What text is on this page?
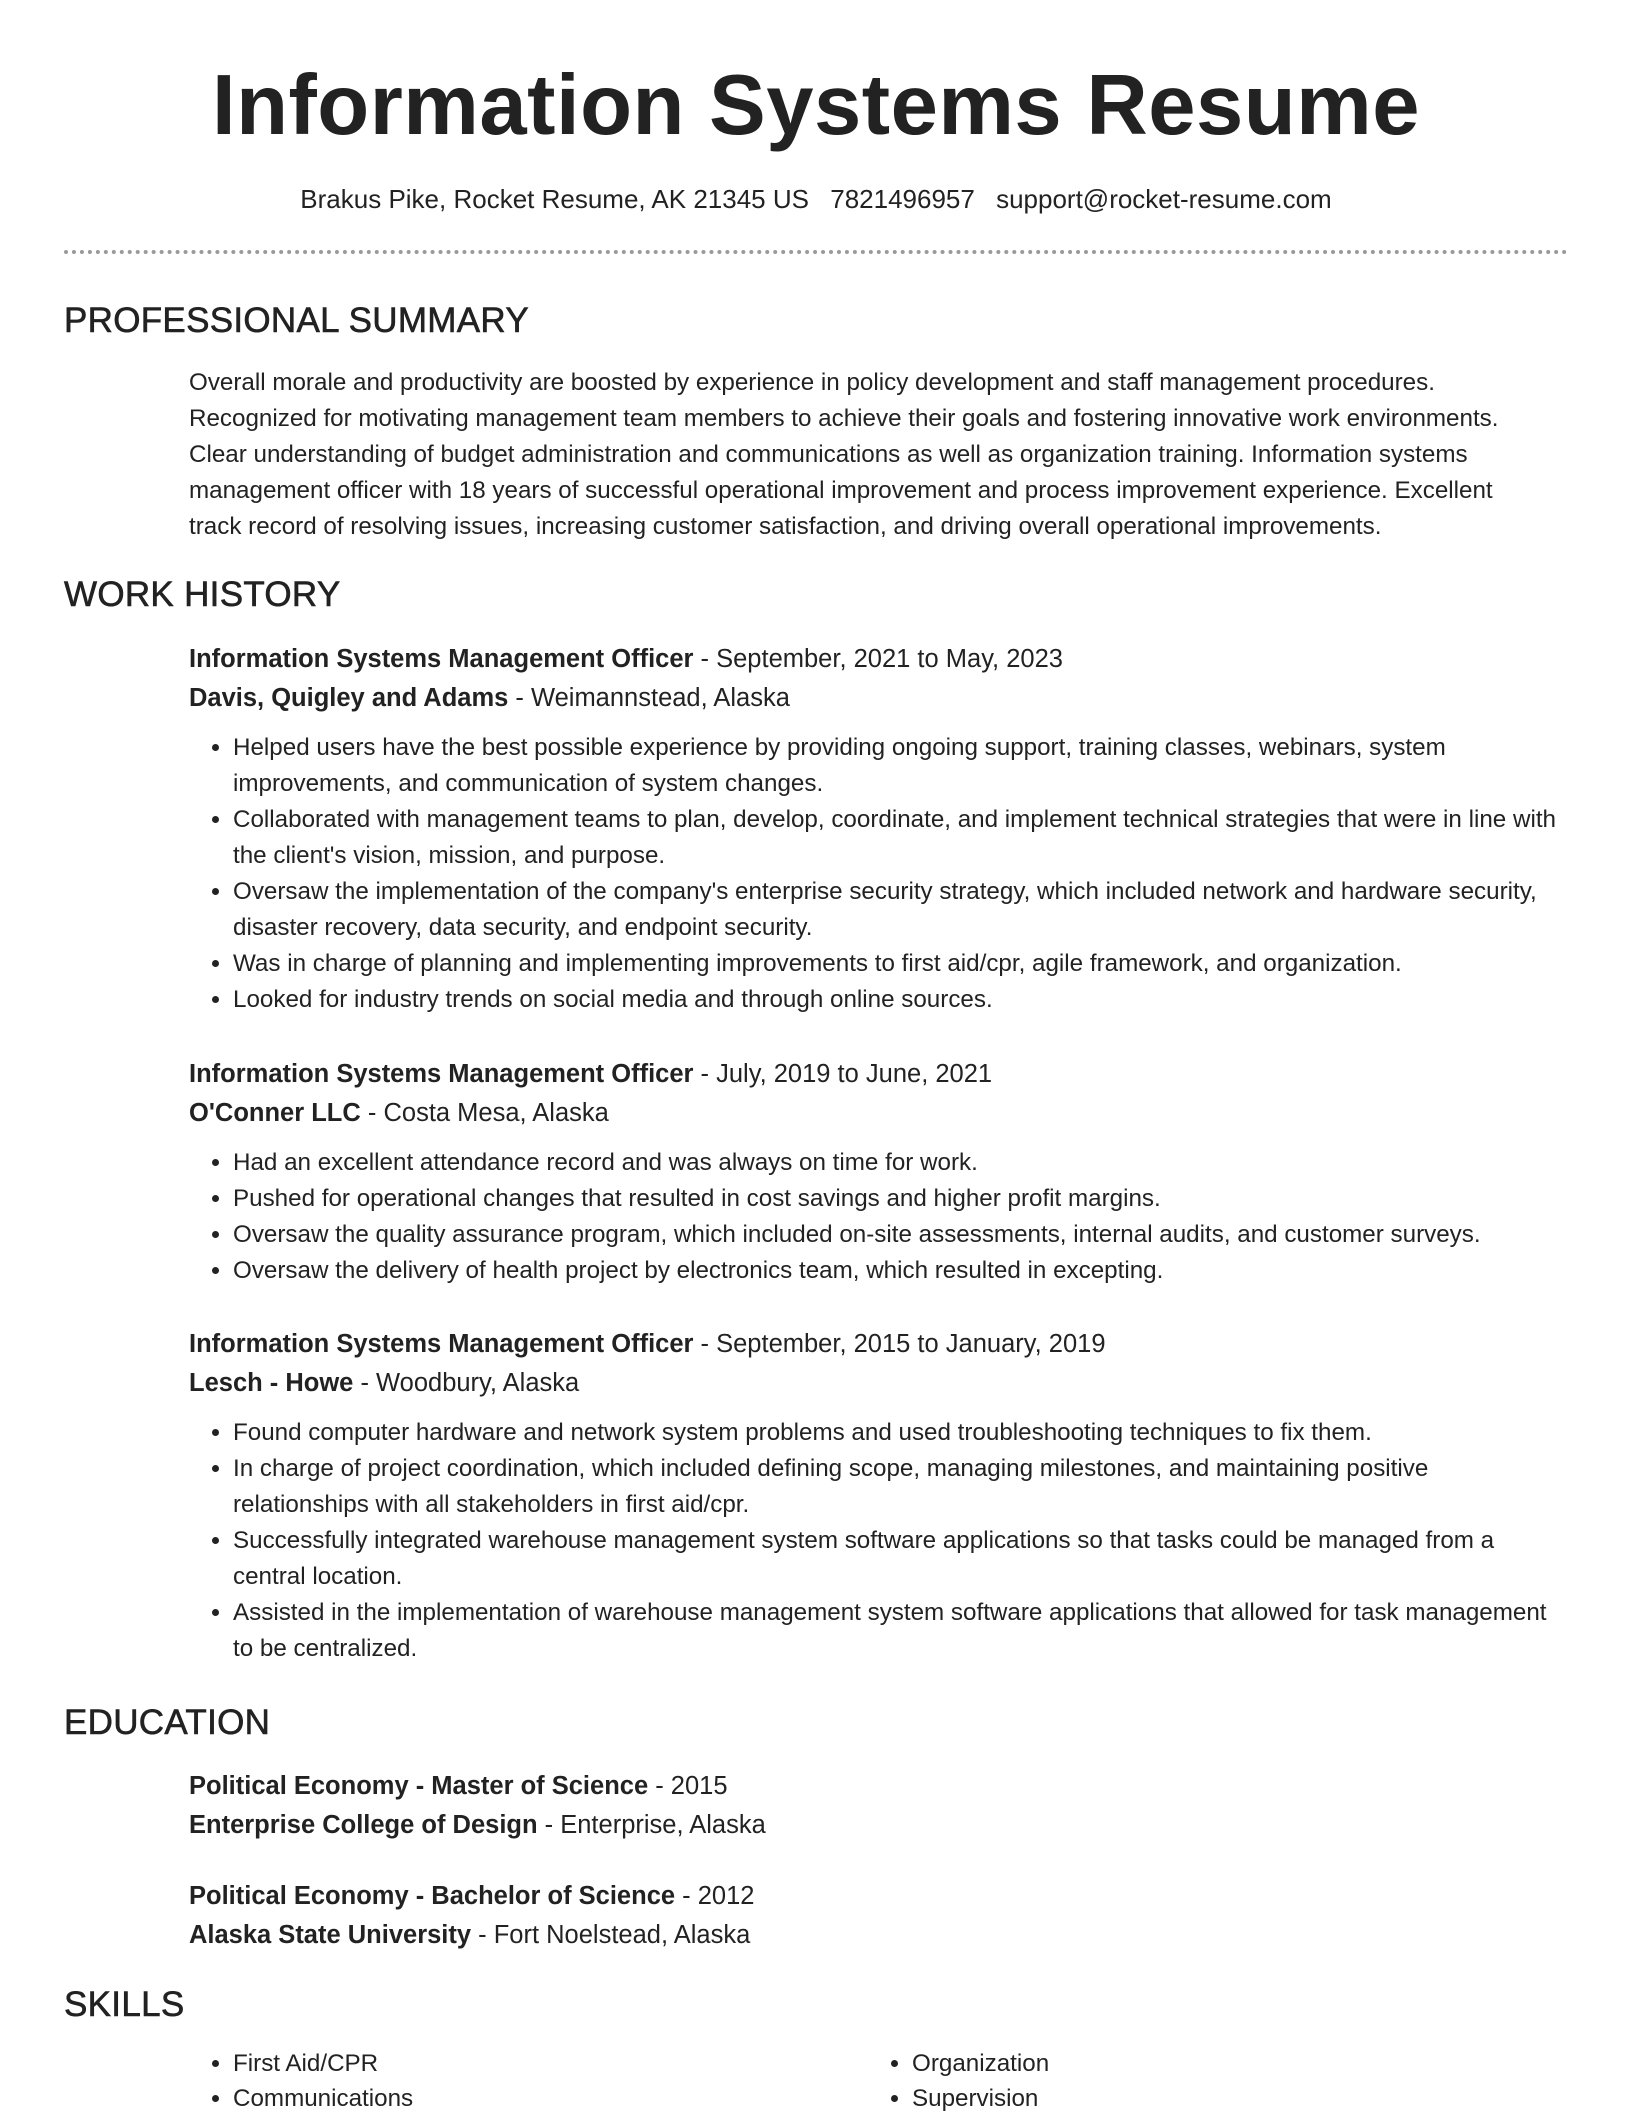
Information Systems Resume
Brakus Pike, Rocket Resume, AK 21345 US 7821496957 support@rocket-resume.com
PROFESSIONAL SUMMARY

Overall morale and productivity are boosted by experience in policy development and staff management procedures. Recognized for motivating management team members to achieve their goals and fostering innovative work environments. Clear understanding of budget administration and communications as well as organization training. Information systems management officer with 18 years of successful operational improvement and process improvement experience. Excellent track record of resolving issues, increasing customer satisfaction, and driving overall operational improvements.

WORK HISTORY
Information Systems Management Officer - September, 2021 to May, 2023
Davis, Quigley and Adams - Weimannstead, Alaska
• Helped users have the best possible experience by providing ongoing support, training classes, webinars, system improvements, and communication of system changes.
• Collaborated with management teams to plan, develop, coordinate, and implement technical strategies that were in line with the client's vision, mission, and purpose.
• Oversaw the implementation of the company's enterprise security strategy, which included network and hardware security, disaster recovery, data security, and endpoint security.
• Was in charge of planning and implementing improvements to first aid/cpr, agile framework, and organization.
• Looked for industry trends on social media and through online sources.
Information Systems Management Officer - July, 2019 to June, 2021
O'Conner LLC - Costa Mesa, Alaska
• Had an excellent attendance record and was always on time for work.
• Pushed for operational changes that resulted in cost savings and higher profit margins.
• Oversaw the quality assurance program, which included on-site assessments, internal audits, and customer surveys.
• Oversaw the delivery of health project by electronics team, which resulted in excepting.
Information Systems Management Officer - September, 2015 to January, 2019
Lesch - Howe - Woodbury, Alaska
• Found computer hardware and network system problems and used troubleshooting techniques to fix them.
• In charge of project coordination, which included defining scope, managing milestones, and maintaining positive relationships with all stakeholders in first aid/cpr.
• Successfully integrated warehouse management system software applications so that tasks could be managed from a central location.
• Assisted in the implementation of warehouse management system software applications that allowed for task management to be centralized.
EDUCATION
Political Economy - Master of Science - 2015
Enterprise College of Design - Enterprise, Alaska
Political Economy - Bachelor of Science - 2012
Alaska State University - Fort Noelstead, Alaska
SKILLS
• First Aid/CPR
• Communications
• Organization
• Supervision
